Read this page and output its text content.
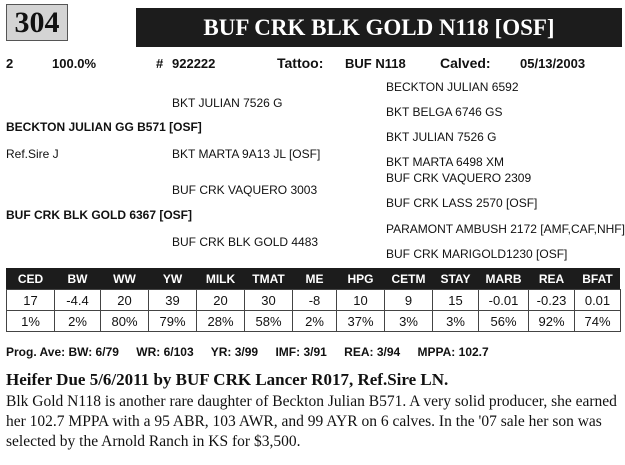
304	BUF CRK BLK GOLD N118 [OSF]
2	100.0%	# 922222	Tattoo: BUF N118 Calved: 05/13/2003
BECKTON JULIAN 6592
BKT JULIAN 7526 G
BKT BELGA 6746 GS
BECKTON JULIAN GG B571 [OSF]
BKT JULIAN 7526 G
Ref.Sire J	BKT MARTA 9A13 JL [OSF]
BKT MARTA 6498 XM
BUF CRK VAQUERO 2309
BUF CRK VAQUERO 3003
BUF CRK LASS 2570 [OSF]
BUF CRK BLK GOLD 6367 [OSF]
PARAMONT AMBUSH 2172 [AMF,CAF,NHF]
BUF CRK BLK GOLD 4483
BUF CRK MARIGOLD1230 [OSF]
CED	BW	WW	YW	MILK	TMAT	ME	HPG	CETM	STAY	MARB	REA	BFAT
17	-4.4	20	39	20	30	-8	10	9	15	-0.01	-0.23	0.01
1%	2%	80%	79%	28%	58%	2%	37%	3%	3%	56%	92%	74%
Prog. Ave: BW: 6/79 WR: 6/103 YR: 3/99 IMF: 3/91 REA: 3/94 MPPA: 102.7
Heifer Due 5/6/2011 by BUF CRK Lancer R017, Ref.Sire LN.
Blk Gold N118 is another rare daughter of Beckton Julian B571. A very solid producer, she earned her 102.7 MPPA with a 95 ABR, 103 AWR, and 99 AYR on 6 calves. In the '07 sale her son was selected by the Arnold Ranch in KS for $3,500.
